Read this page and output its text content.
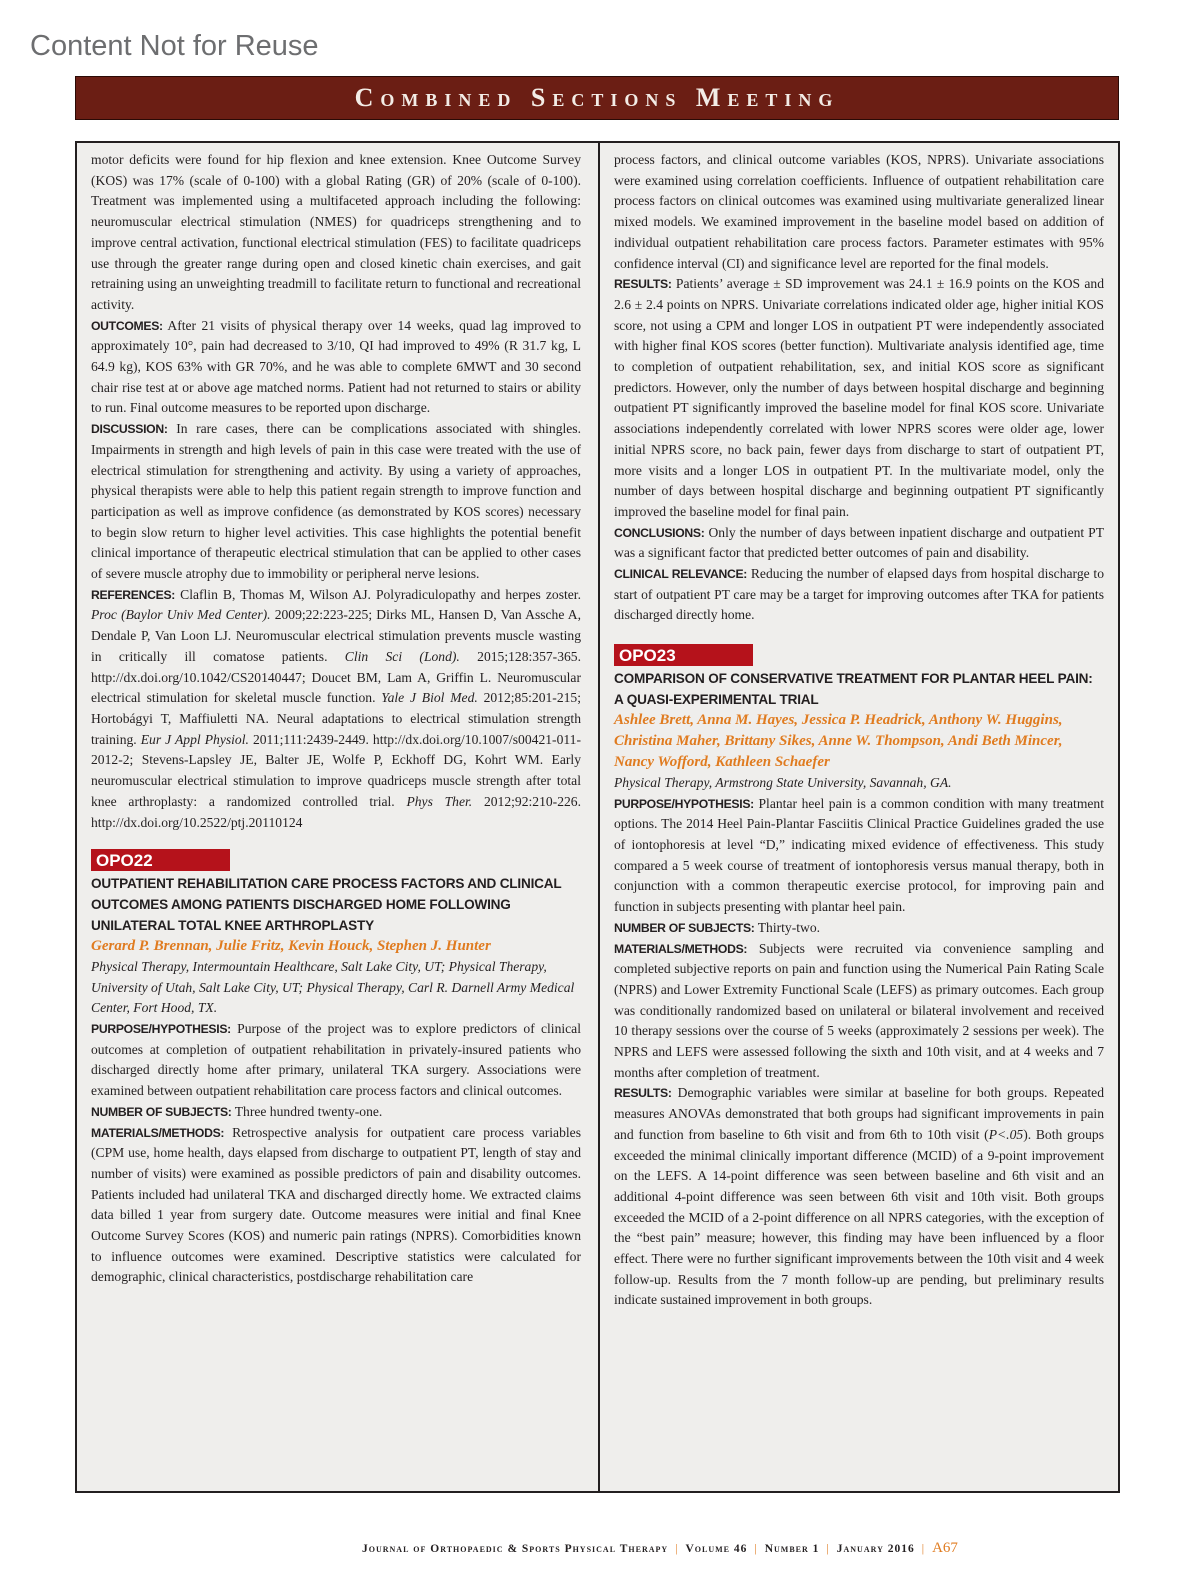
Content Not for Reuse
Combined Sections Meeting

motor deficits were found for hip flexion and knee extension. Knee Outcome Survey (KOS) was 17% (scale of 0-100) with a global Rating (GR) of 20% (scale of 0-100). Treatment was implemented using a multifaceted approach including the following: neuromuscular electrical stimulation (NMES) for quadriceps strengthening and to improve central activation, functional electrical stimulation (FES) to facilitate quadriceps use through the greater range during open and closed kinetic chain exercises, and gait retraining using an unweighting treadmill to facilitate return to functional and recreational activity.

OUTCOMES: After 21 visits of physical therapy over 14 weeks, quad lag improved to approximately 10°, pain had decreased to 3/10, QI had improved to 49% (R 31.7 kg, L 64.9 kg), KOS 63% with GR 70%, and he was able to complete 6MWT and 30 second chair rise test at or above age matched norms. Patient had not returned to stairs or ability to run. Final outcome measures to be reported upon discharge.

DISCUSSION: In rare cases, there can be complications associated with shingles. Impairments in strength and high levels of pain in this case were treated with the use of electrical stimulation for strengthening and activity. By using a variety of approaches, physical therapists were able to help this patient regain strength to improve function and participation as well as improve confidence (as demonstrated by KOS scores) necessary to begin slow return to higher level activities. This case highlights the potential benefit clinical importance of therapeutic electrical stimulation that can be applied to other cases of severe muscle atrophy due to immobility or peripheral nerve lesions.

REFERENCES: Claflin B, Thomas M, Wilson AJ. Polyradiculopathy and herpes zoster. Proc (Baylor Univ Med Center). 2009;22:223-225; Dirks ML, Hansen D, Van Assche A, Dendale P, Van Loon LJ. Neuromuscular electrical stimulation prevents muscle wasting in critically ill comatose patients. Clin Sci (Lond). 2015;128:357-365. http://dx.doi.org/10.1042/CS20140447; Doucet BM, Lam A, Griffin L. Neuromuscular electrical stimulation for skeletal muscle function. Yale J Biol Med. 2012;85:201-215; Hortobágyi T, Maffiuletti NA. Neural adaptations to electrical stimulation strength training. Eur J Appl Physiol. 2011;111:2439-2449. http://dx.doi.org/10.1007/s00421-011-2012-2; Stevens-Lapsley JE, Balter JE, Wolfe P, Eckhoff DG, Kohrt WM. Early neuromuscular electrical stimulation to improve quadriceps muscle strength after total knee arthroplasty: a randomized controlled trial. Phys Ther. 2012;92:210-226. http://dx.doi.org/10.2522/ptj.20110124

OPO22

OUTPATIENT REHABILITATION CARE PROCESS FACTORS AND CLINICAL OUTCOMES AMONG PATIENTS DISCHARGED HOME FOLLOWING UNILATERAL TOTAL KNEE ARTHROPLASTY

Gerard P. Brennan, Julie Fritz, Kevin Houck, Stephen J. Hunter

Physical Therapy, Intermountain Healthcare, Salt Lake City, UT; Physical Therapy, University of Utah, Salt Lake City, UT; Physical Therapy, Carl R. Darnell Army Medical Center, Fort Hood, TX.

PURPOSE/HYPOTHESIS: Purpose of the project was to explore predictors of clinical outcomes at completion of outpatient rehabilitation in privately-insured patients who discharged directly home after primary, unilateral TKA surgery. Associations were examined between outpatient rehabilitation care process factors and clinical outcomes.

NUMBER OF SUBJECTS: Three hundred twenty-one.

MATERIALS/METHODS: Retrospective analysis for outpatient care process variables (CPM use, home health, days elapsed from discharge to outpatient PT, length of stay and number of visits) were examined as possible predictors of pain and disability outcomes. Patients included had unilateral TKA and discharged directly home. We extracted claims data billed 1 year from surgery date. Outcome measures were initial and final Knee Outcome Survey Scores (KOS) and numeric pain ratings (NPRS). Comorbidities known to influence outcomes were examined. Descriptive statistics were calculated for demographic, clinical characteristics, postdischarge rehabilitation care

process factors, and clinical outcome variables (KOS, NPRS). Univariate associations were examined using correlation coefficients. Influence of outpatient rehabilitation care process factors on clinical outcomes was examined using multivariate generalized linear mixed models. We examined improvement in the baseline model based on addition of individual outpatient rehabilitation care process factors. Parameter estimates with 95% confidence interval (CI) and significance level are reported for the final models.

RESULTS: Patients’ average ± SD improvement was 24.1 ± 16.9 points on the KOS and 2.6 ± 2.4 points on NPRS. Univariate correlations indicated older age, higher initial KOS score, not using a CPM and longer LOS in outpatient PT were independently associated with higher final KOS scores (better function). Multivariate analysis identified age, time to completion of outpatient rehabilitation, sex, and initial KOS score as significant predictors. However, only the number of days between hospital discharge and beginning outpatient PT significantly improved the baseline model for final KOS score. Univariate associations independently correlated with lower NPRS scores were older age, lower initial NPRS score, no back pain, fewer days from discharge to start of outpatient PT, more visits and a longer LOS in outpatient PT. In the multivariate model, only the number of days between hospital discharge and beginning outpatient PT significantly improved the baseline model for final pain.

CONCLUSIONS: Only the number of days between inpatient discharge and outpatient PT was a significant factor that predicted better outcomes of pain and disability.

CLINICAL RELEVANCE: Reducing the number of elapsed days from hospital discharge to start of outpatient PT care may be a target for improving outcomes after TKA for patients discharged directly home.

OPO23

COMPARISON OF CONSERVATIVE TREATMENT FOR PLANTAR HEEL PAIN: A QUASI-EXPERIMENTAL TRIAL

Ashlee Brett, Anna M. Hayes, Jessica P. Headrick, Anthony W. Huggins, Christina Maher, Brittany Sikes, Anne W. Thompson, Andi Beth Mincer, Nancy Wofford, Kathleen Schaefer

Physical Therapy, Armstrong State University, Savannah, GA.

PURPOSE/HYPOTHESIS: Plantar heel pain is a common condition with many treatment options. The 2014 Heel Pain-Plantar Fasciitis Clinical Practice Guidelines graded the use of iontophoresis at level “D,” indicating mixed evidence of effectiveness. This study compared a 5 week course of treatment of iontophoresis versus manual therapy, both in conjunction with a common therapeutic exercise protocol, for improving pain and function in subjects presenting with plantar heel pain.

NUMBER OF SUBJECTS: Thirty-two.

MATERIALS/METHODS: Subjects were recruited via convenience sampling and completed subjective reports on pain and function using the Numerical Pain Rating Scale (NPRS) and Lower Extremity Functional Scale (LEFS) as primary outcomes. Each group was conditionally randomized based on unilateral or bilateral involvement and received 10 therapy sessions over the course of 5 weeks (approximately 2 sessions per week). The NPRS and LEFS were assessed following the sixth and 10th visit, and at 4 weeks and 7 months after completion of treatment.

RESULTS: Demographic variables were similar at baseline for both groups. Repeated measures ANOVAs demonstrated that both groups had significant improvements in pain and function from baseline to 6th visit and from 6th to 10th visit (P<.05). Both groups exceeded the minimal clinically important difference (MCID) of a 9-point improvement on the LEFS. A 14-point difference was seen between baseline and 6th visit and an additional 4-point difference was seen between 6th visit and 10th visit. Both groups exceeded the MCID of a 2-point difference on all NPRS categories, with the exception of the “best pain” measure; however, this finding may have been influenced by a floor effect. There were no further significant improvements between the 10th visit and 4 week follow-up. Results from the 7 month follow-up are pending, but preliminary results indicate sustained improvement in both groups.

Journal of Orthopaedic & Sports Physical Therapy | Volume 46 | Number 1 | January 2016 | A67
